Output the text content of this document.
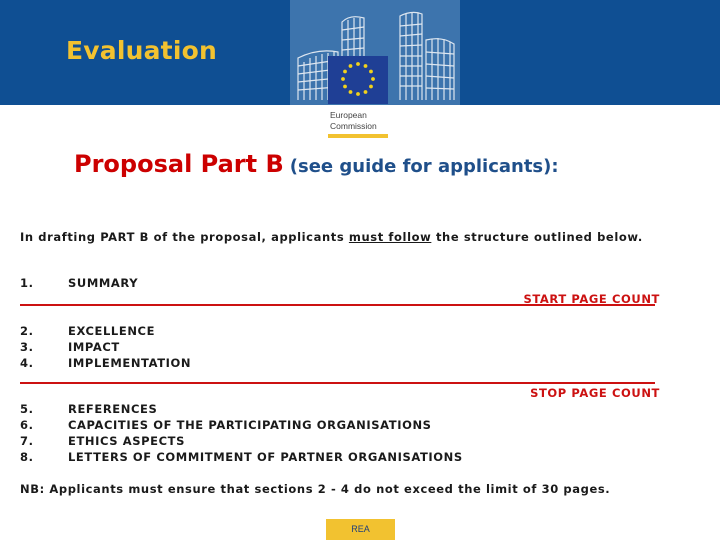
Evaluation
European
Commission
Proposal Part B (see guide for applicants):
In drafting PART B of the proposal, applicants must follow the structure outlined below.
1.	SUMMARY
START PAGE COUNT
2.	EXCELLENCE
3.	IMPACT
4.	IMPLEMENTATION
STOP PAGE COUNT
5.	REFERENCES
6.	CAPACITIES OF THE PARTICIPATING ORGANISATIONS
7.	ETHICS ASPECTS
8.	LETTERS OF COMMITMENT OF PARTNER ORGANISATIONS
NB: Applicants must ensure that sections 2 - 4 do not exceed the limit of 30 pages.
REA
